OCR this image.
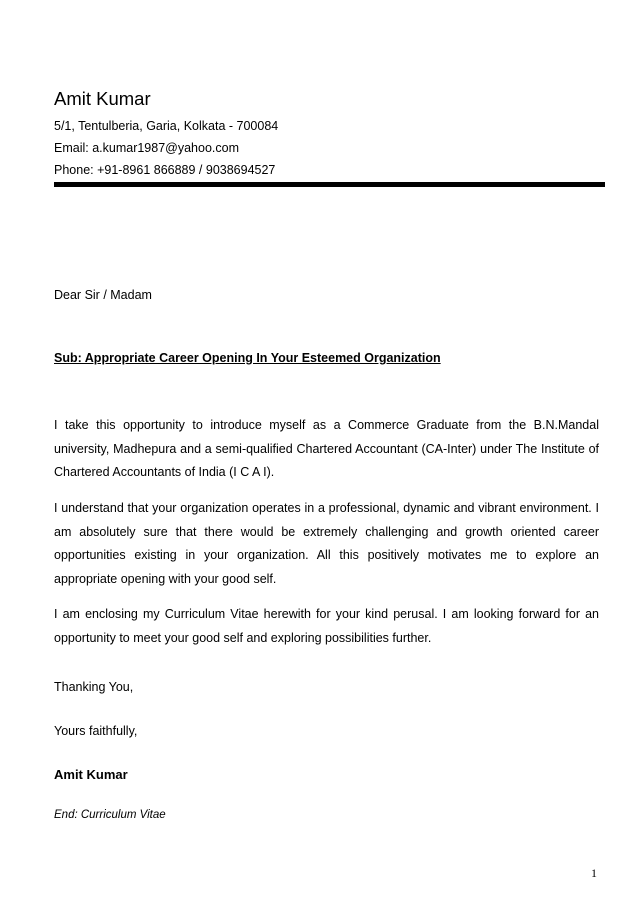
Amit Kumar
5/1, Tentulberia, Garia, Kolkata - 700084
Email: a.kumar1987@yahoo.com
Phone: +91-8961 866889 / 9038694527
Dear Sir / Madam
Sub: Appropriate Career Opening In Your Esteemed Organization
I take this opportunity to introduce myself as a Commerce Graduate from the B.N.Mandal university, Madhepura and a semi-qualified Chartered Accountant (CA-Inter) under The Institute of Chartered Accountants of India (I C A I).
I understand that your organization operates in a professional, dynamic and vibrant environment. I am absolutely sure that there would be extremely challenging and growth oriented career opportunities existing in your organization. All this positively motivates me to explore an appropriate opening with your good self.
I am enclosing my Curriculum Vitae herewith for your kind perusal. I am looking forward for an opportunity to meet your good self and exploring possibilities further.
Thanking You,
Yours faithfully,
Amit Kumar
End: Curriculum Vitae
1
